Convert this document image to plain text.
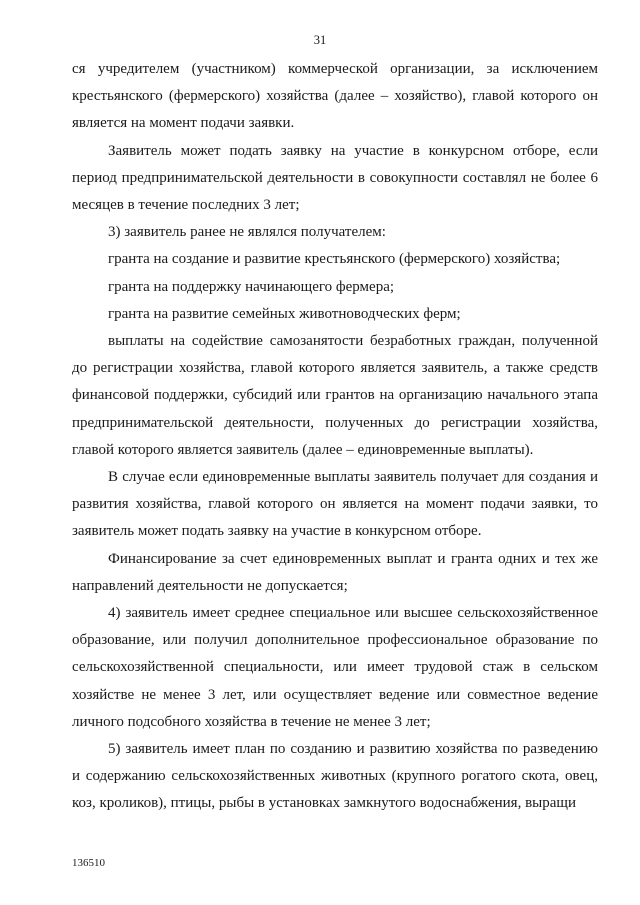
31

ся учредителем (участником) коммерческой организации, за исключением крестьянского (фермерского) хозяйства (далее – хозяйство), главой которого он является на момент подачи заявки.

Заявитель может подать заявку на участие в конкурсном отборе, если период предпринимательской деятельности в совокупности составлял не более 6 месяцев в течение последних 3 лет;

3) заявитель ранее не являлся получателем:

гранта на создание и развитие крестьянского (фермерского) хозяйства;

гранта на поддержку начинающего фермера;

гранта на развитие семейных животноводческих ферм;

выплаты на содействие самозанятости безработных граждан, полученной до регистрации хозяйства, главой которого является заявитель, а также средств финансовой поддержки, субсидий или грантов на организацию начального этапа предпринимательской деятельности, полученных до регистрации хозяйства, главой которого является заявитель (далее – единовременные выплаты).

В случае если единовременные выплаты заявитель получает для создания и развития хозяйства, главой которого он является на момент подачи заявки, то заявитель может подать заявку на участие в конкурсном отборе.

Финансирование за счет единовременных выплат и гранта одних и тех же направлений деятельности не допускается;

4) заявитель имеет среднее специальное или высшее сельскохозяйственное образование, или получил дополнительное профессиональное образование по сельскохозяйственной специальности, или имеет трудовой стаж в сельском хозяйстве не менее 3 лет, или осуществляет ведение или совместное ведение личного подсобного хозяйства в течение не менее 3 лет;

5) заявитель имеет план по созданию и развитию хозяйства по разведению и содержанию сельскохозяйственных животных (крупного рогатого скота, овец, коз, кроликов), птицы, рыбы в установках замкнутого водоснабжения, выращи

136510
